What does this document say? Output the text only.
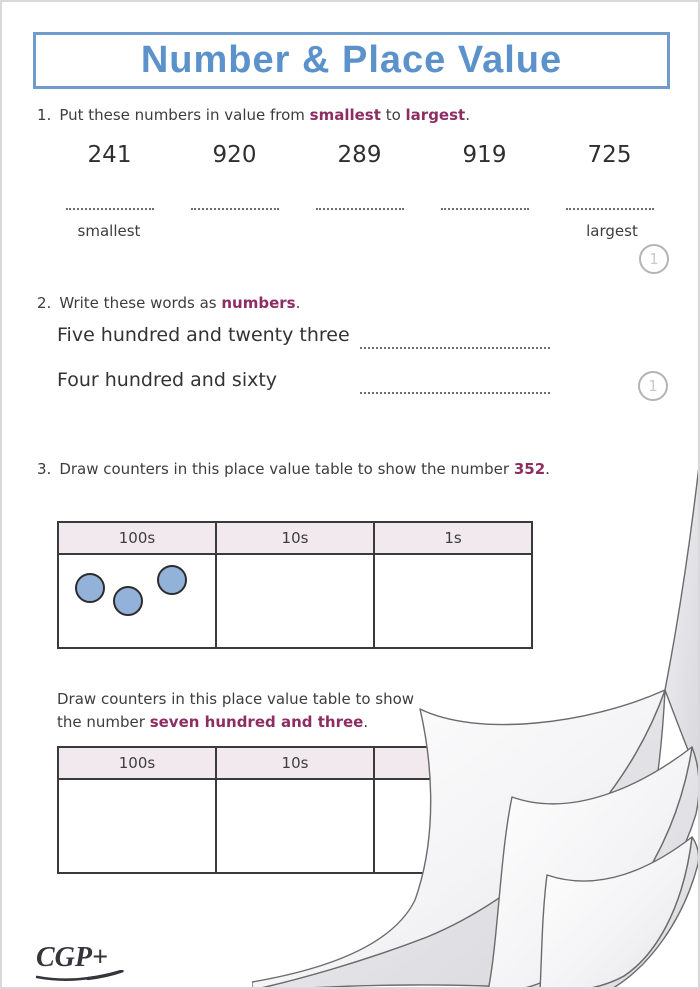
Number & Place Value
1. Put these numbers in value from smallest to largest.
241	920	289	919	725
smallest	largest
1
2. Write these words as numbers.
Five hundred and twenty three
Four hundred and sixty	1
3. Draw counters in this place value table to show the number 352.
100s	10s	1s

Draw counters in this place value table to show
the number seven hundred and three.
100s	10s	

CGP+
